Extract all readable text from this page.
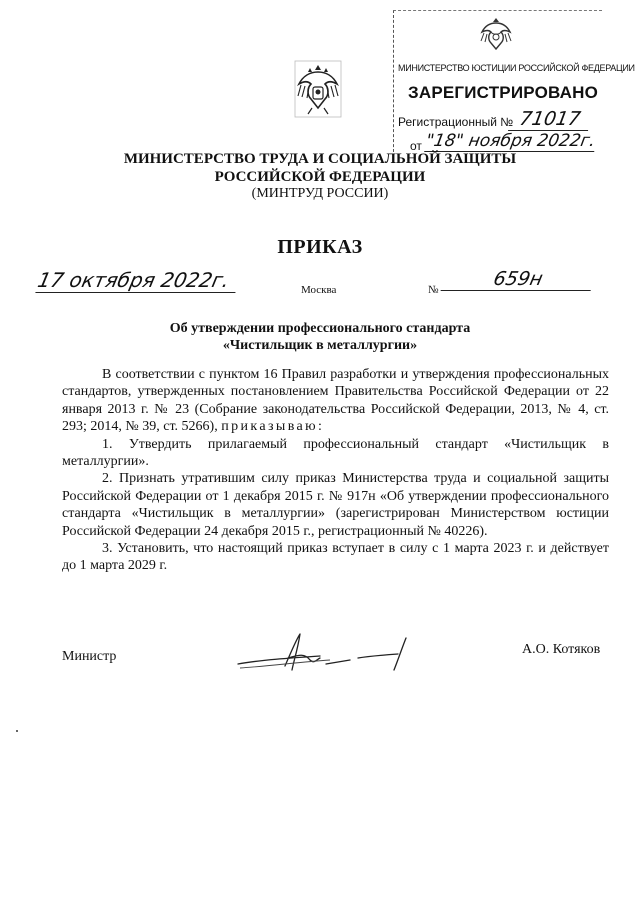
МИНИСТЕРСТВО ЮСТИЦИИ РОССИЙСКОЙ ФЕДЕРАЦИИ
ЗАРЕГИСТРИРОВАНО
Регистрационный № 71017
от "18" ноября 2022г.
МИНИСТЕРСТВО ТРУДА И СОЦИАЛЬНОЙ ЗАЩИТЫ
РОССИЙСКОЙ ФЕДЕРАЦИИ
(МИНТРУД РОССИИ)
ПРИКАЗ
17 октября 2022г.	Москва	№	659н
Об утверждении профессионального стандарта
«Чистильщик в металлургии»

В соответствии с пунктом 16 Правил разработки и утверждения профессиональных стандартов, утвержденных постановлением Правительства Российской Федерации от 22 января 2013 г. № 23 (Собрание законодательства Российской Федерации, 2013, № 4, ст. 293; 2014, № 39, ст. 5266), приказываю:

1. Утвердить прилагаемый профессиональный стандарт «Чистильщик в металлургии».

2. Признать утратившим силу приказ Министерства труда и социальной защиты Российской Федерации от 1 декабря 2015 г. № 917н «Об утверждении профессионального стандарта «Чистильщик в металлургии» (зарегистрирован Министерством юстиции Российской Федерации 24 декабря 2015 г., регистрационный № 40226).

3. Установить, что настоящий приказ вступает в силу с 1 марта 2023 г. и действует до 1 марта 2029 г.

Министр	А.О. Котяков
